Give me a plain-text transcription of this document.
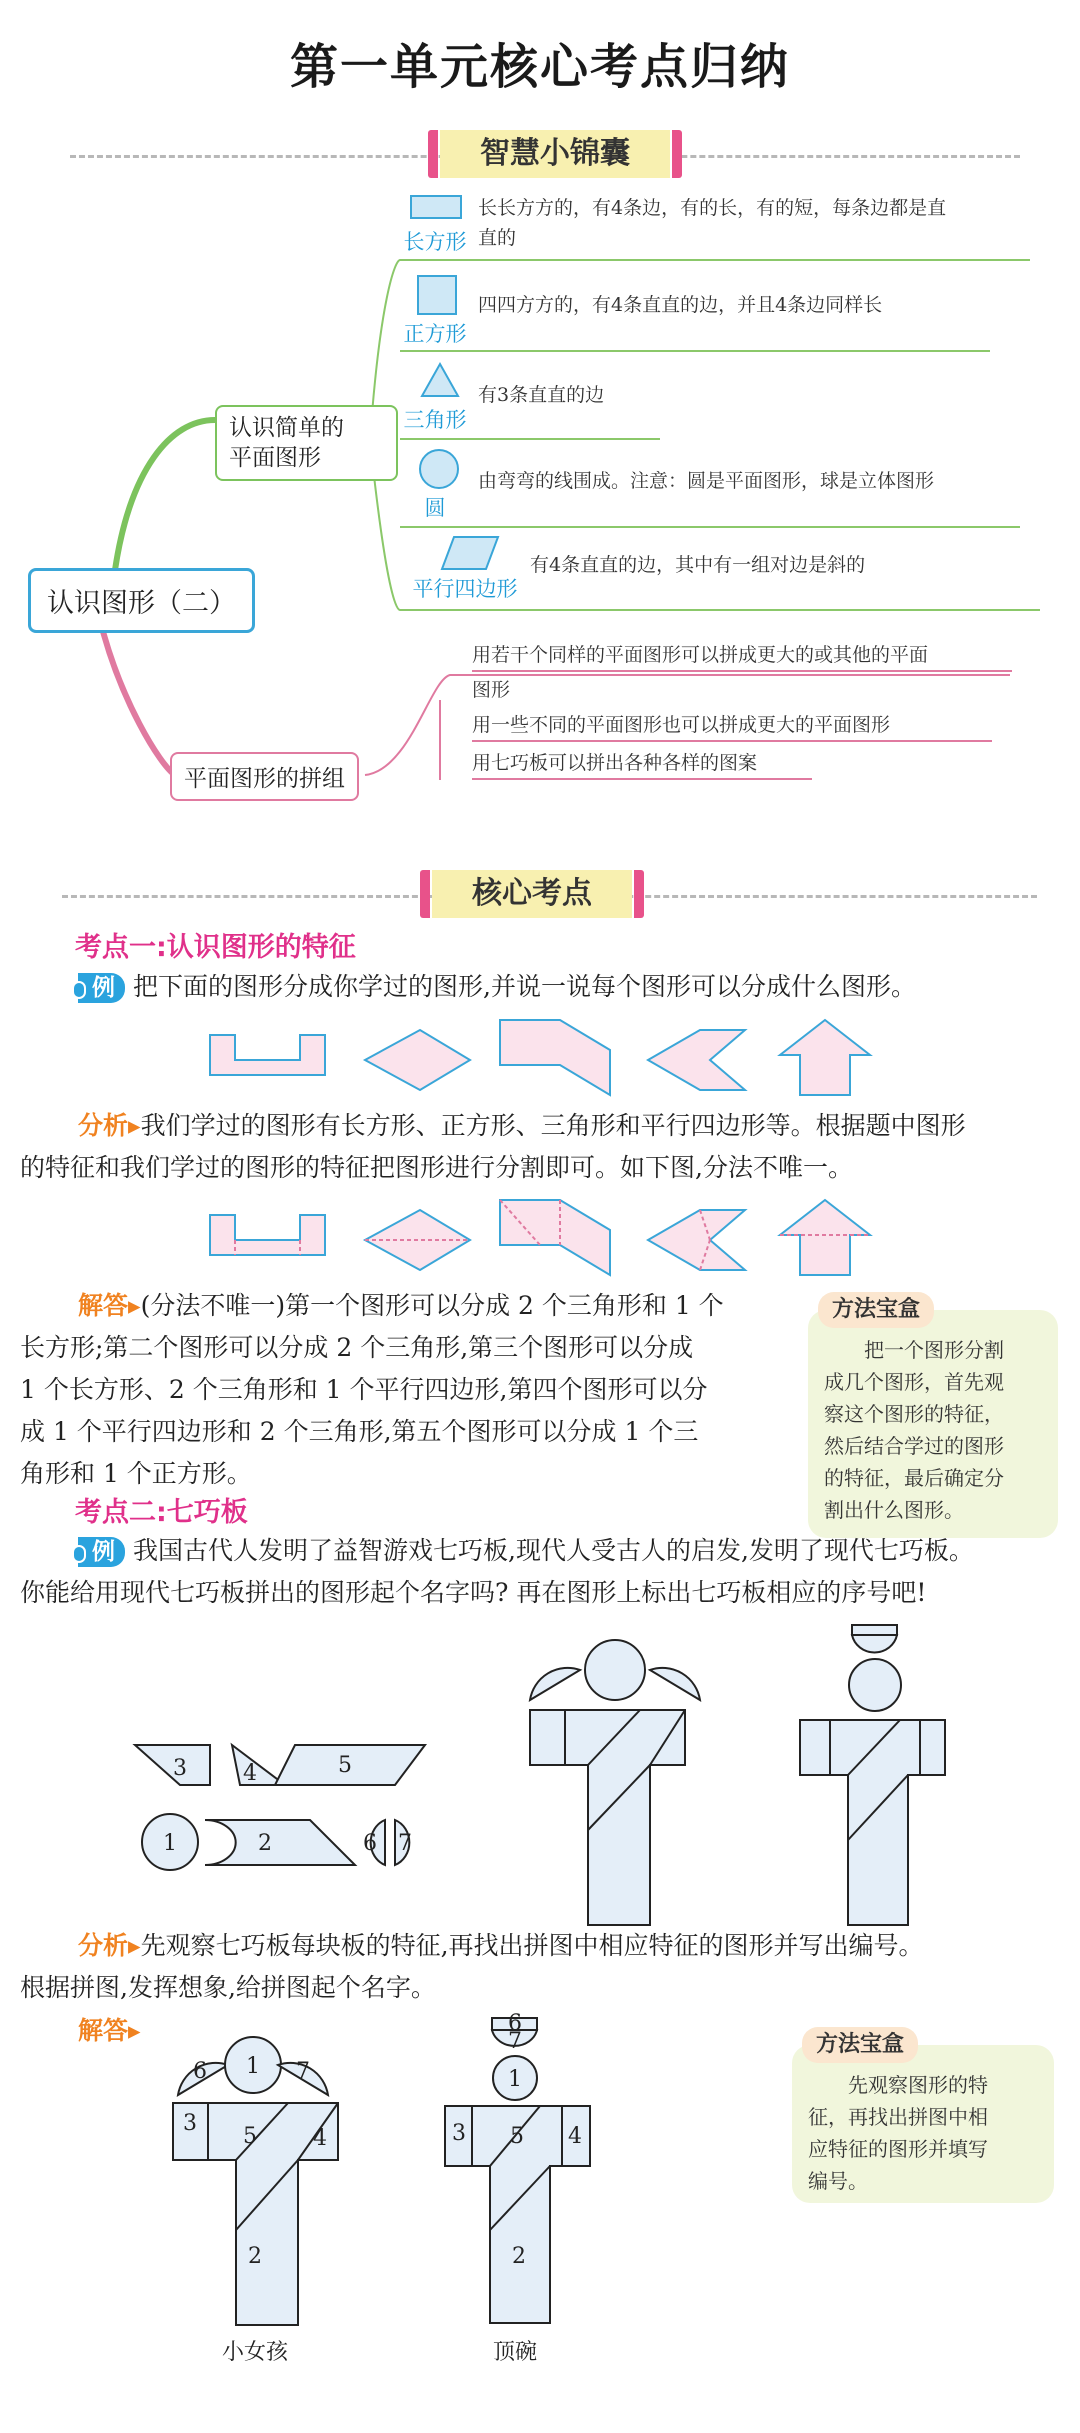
第一单元核心考点归纳
智慧小锦囊
认识图形（二）
认识简单的
平面图形
平面图形的拼组
长方形
长长方方的，有4条边，有的长，有的短，每条边都是直
直的
正方形
四四方方的，有4条直直的边，并且4条边同样长
三角形
有3条直直的边
圆
由弯弯的线围成。注意：圆是平面图形，球是立体图形
平行四边形
有4条直直的边，其中有一组对边是斜的
用若干个同样的平面图形可以拼成更大的或其他的平面
图形
用一些不同的平面图形也可以拼成更大的平面图形
用七巧板可以拼出各种各样的图案
核心考点
考点一:认识图形的特征
例 把下面的图形分成你学过的图形,并说一说每个图形可以分成什么图形。
分析▸我们学过的图形有长方形、正方形、三角形和平行四边形等。根据题中图形
的特征和我们学过的图形的特征把图形进行分割即可。如下图,分法不唯一。
解答▸(分法不唯一)第一个图形可以分成 2 个三角形和 1 个
长方形;第二个图形可以分成 2 个三角形,第三个图形可以分成
1 个长方形、2 个三角形和 1 个平行四边形,第四个图形可以分
成 1 个平行四边形和 2 个三角形,第五个图形可以分成 1 个三
角形和 1 个正方形。
方法宝盒
把一个图形分割
成几个图形，首先观
察这个图形的特征，
然后结合学过的图形
的特征，最后确定分
割出什么图形。
考点二:七巧板
例 我国古代人发明了益智游戏七巧板,现代人受古人的启发,发明了现代七巧板。
你能给用现代七巧板拼出的图形起个名字吗? 再在图形上标出七巧板相应的序号吧!
3	4	5
1	2	6 7
分析▸先观察七巧板每块板的特征,再找出拼图中相应特征的图形并写出编号。
根据拼图,发挥想象,给拼图起个名字。
解答▸
6 1 7
3
5	4
2
小女孩
6
7
1
3 5 4
2
顶碗
方法宝盒
先观察图形的特
征，再找出拼图中相
应特征的图形并填写
编号。
